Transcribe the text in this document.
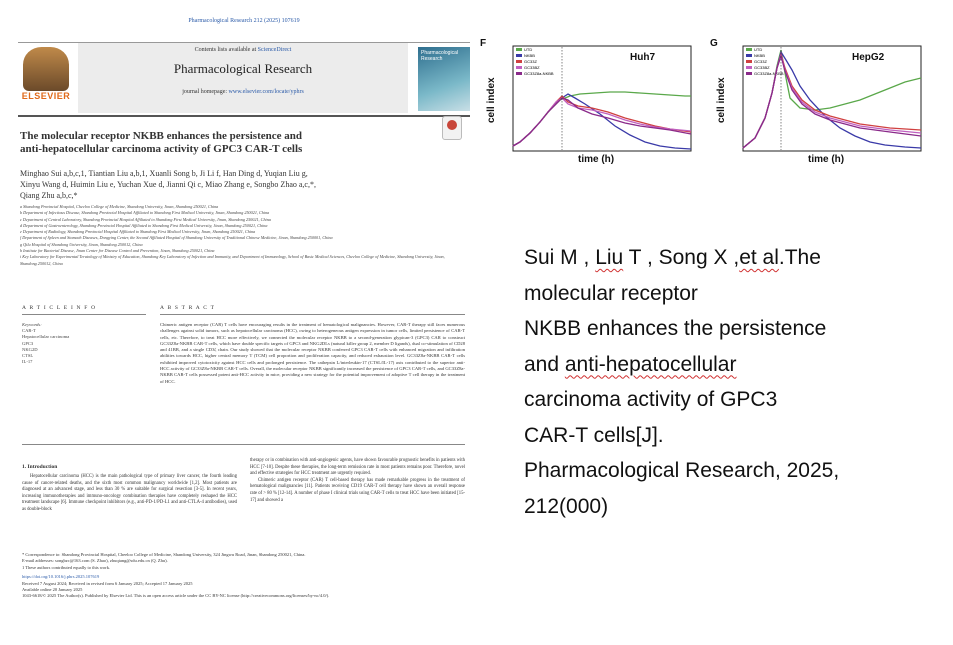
Pharmacological Research 212 (2025) 107619
ELSEVIER
Contents lists available at ScienceDirect
Pharmacological Research
journal homepage: www.elsevier.com/locate/yphrs
Pharmacological Research
The molecular receptor NKBB enhances the persistence and
anti-hepatocellular carcinoma activity of GPC3 CAR-T cells
Minghao Sui a,b,c,1, Tiantian Liu a,b,1, Xuanli Song b, Ji Li f, Han Ding d, Yuqian Liu g,
Xinyu Wang d, Huimin Liu e, Yuchan Xue d, Jianni Qi c, Miao Zhang e, Songbo Zhao a,c,*,
Qiang Zhu a,b,c,*
a Shandong Provincial Hospital, Cheeloo College of Medicine, Shandong University, Jinan, Shandong 250021, China
b Department of Infectious Disease, Shandong Provincial Hospital Affiliated to Shandong First Medical University, Jinan, Shandong 250021, China
c Department of Central Laboratory, Shandong Provincial Hospital Affiliated to Shandong First Medical University, Jinan, Shandong 250021, China
d Department of Gastroenterology, Shandong Provincial Hospital Affiliated to Shandong First Medical University, Jinan, Shandong 250021, China
e Department of Radiology, Shandong Provincial Hospital Affiliated to Shandong First Medical University, Jinan, Shandong 250021, China
f Department of Spleen and Stomach Diseases, Dongying Center, the Second Affiliated Hospital of Shandong University of Traditional Chinese Medicine, Jinan, Shandong 250001, China
g Qilu Hospital of Shandong University, Jinan, Shandong 250012, China
h Institute for Bacterial Disease, Jinan Center for Disease Control and Prevention, Jinan, Shandong 250021, China
i Key Laboratory for Experimental Teratology of Ministry of Education, Shandong Key Laboratory of Infection and Immunity, and Department of Immunology, School of Basic Medical Sciences, Cheeloo College of Medicine, Shandong University, Jinan, Shandong 250012, China
A R T I C L E I N F O	A B S T R A C T
Keywords:
CAR-T
Hepatocellular carcinoma
GPC3
NKG2D
CTSL
IL-17
Chimeric antigen receptor (CAR) T cells have encouraging results in the treatment of hematological malignancies. However, CAR-T therapy still faces numerous challenges against solid tumors, such as hepatocellular carcinoma (HCC), owing to heterogeneous antigen expression in tumor cells, limited persistence of CAR-T cells, etc. Therefore, to treat HCC more effectively, we connected the molecular receptor NKBB to a second-generation glypican-3 (GPC3) CAR to construct GC33Z8a-NKBB CAR-T cells, which have double specific targets of GPC3 and NKG2DLs (natural killer group 2, member D ligands), dual co-stimulation of CD28 and 41BB, and a single CD3ζ chain. Our study showed that the molecular receptor NKBB conferred GPC3 CAR-T cells with enhanced migration and infiltration abilities towards HCC, higher central memory T (TCM) cell proportion and proliferation capacity, and reduced exhaustion level. GC33Z8a-NKBB CAR-T cells exhibited improved cytotoxicity against HCC cells and prolonged persistence. The cathepsin L/interleukin-17 (CTSL/IL-17) axis contributed to the superior anti-HCC activity of GC33Z8a-NKBB CAR-T cells. Overall, the molecular receptor NKBB significantly increased the persistence of GPC3 CAR-T cells, and GC33Z8a-NKBB CAR-T cells possessed potent anti-HCC activity in mice, providing a new strategy for the potential improvement of adoptive T cell therapy in the treatment of HCC.
1. Introduction

Hepatocellular carcinoma (HCC) is the main pathological type of primary liver cancer, the fourth leading cause of cancer-related deaths, and the sixth most common malignancy worldwide [1,2]. Most patients are diagnosed at an advanced stage, and less than 30 % are suitable for surgical resection [3-5]. In recent years, increasing immunotherapies and immuno-oncology combination therapies have completely reshaped the HCC treatment landscape [6]. Immune checkpoint inhibitors (e.g., anti-PD-1/PD-L1 and anti-CTLA-4 antibodies), used as double-block

therapy or in combination with anti-angiogenic agents, have shown favourable prognostic benefits in patients with HCC [7-10]. Despite these therapies, the long-term remission rate in most patients remains poor. Therefore, novel and effective strategies for HCC treatment are urgently required.

Chimeric antigen receptor (CAR) T cell-based therapy has made remarkable progress in the treatment of hematological malignancies [11]. Patients receiving CD19 CAR-T cell therapy have shown an overall response rate of > 80 % [12-14]. A number of phase I clinical trials using CAR-T cells to treat HCC have been initiated [15-17] and showed a

* Correspondence to: Shandong Provincial Hospital, Cheeloo College of Medicine, Shandong University, 324 Jingwu Road, Jinan, Shandong 250021, China.
E-mail addresses: songbzc@163.com (S. Zhao), zhuqiang@sdu.edu.cn (Q. Zhu).
1 These authors contributed equally to this work.
https://doi.org/10.1016/j.phrs.2025.107619
Received 7 August 2024; Received in revised form 6 January 2025; Accepted 17 January 2025
Available online 20 January 2025
1043-6618/© 2025 The Author(s). Published by Elsevier Ltd. This is an open access article under the CC BY-NC license (http://creativecommons.org/licenses/by-nc/4.0/).
F
cell index
time (h)
Huh7
UTD
NKBB
GC33Z
GC33BZ
GC33Z8a-NKBB
G
cell index
time (h)
HepG2
UTD
NKBB
GC33Z
GC33BZ
GC33Z8a-NKBB
Sui M , Liu T , Song X ,et al.The
molecular receptor
NKBB enhances the persistence
and anti-hepatocellular
carcinoma activity of GPC3
CAR-T cells[J].
Pharmacological Research, 2025,
212(000)
